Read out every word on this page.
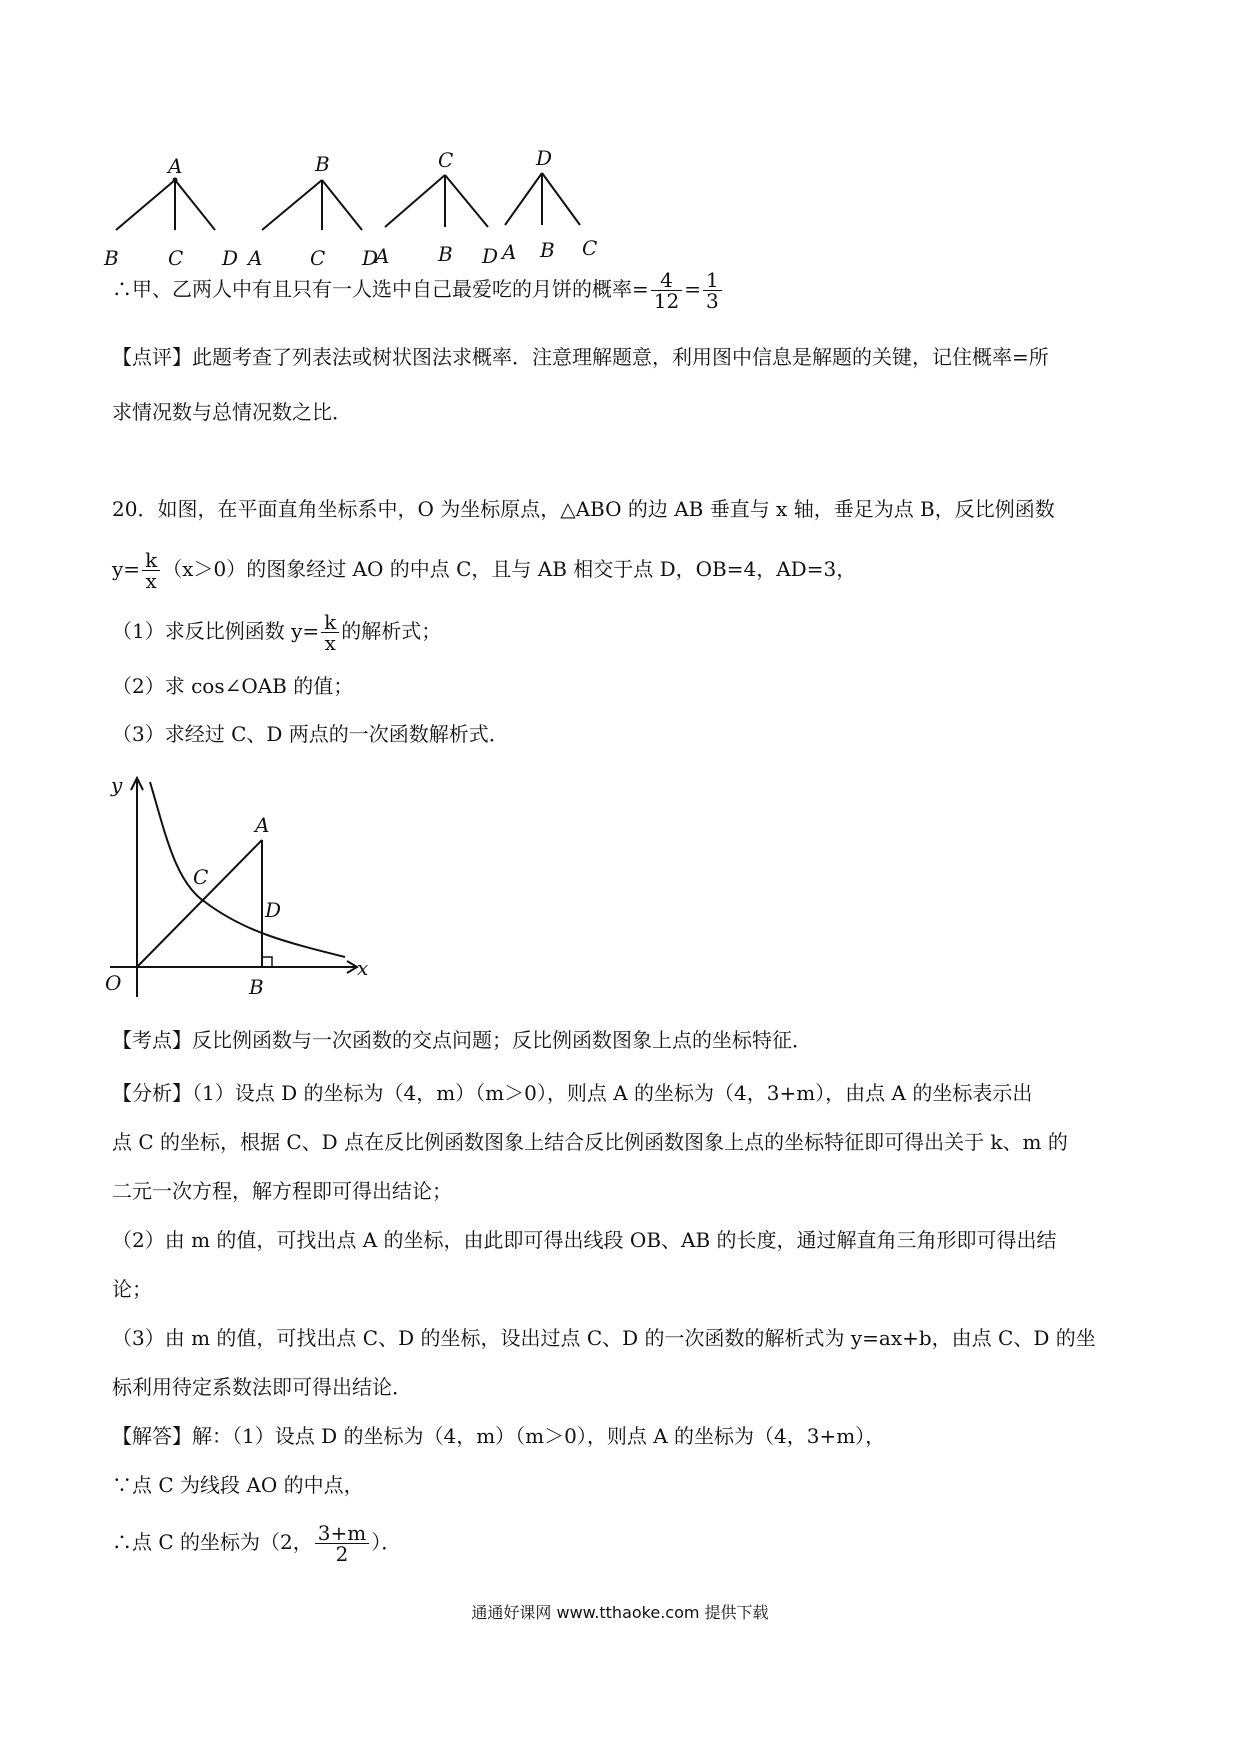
A
B C D
B
A C D
C
A B D
D
A B C
∴甲、乙两人中有且只有一人选中自己最爱吃的月饼的概率= $\frac{4}{12} = \frac{1}{3}$
【点评】此题考查了列表法或树状图法求概率．注意理解题意，利用图中信息是解题的关键，记住概率=所
求情况数与总情况数之比．
20．如图，在平面直角坐标系中，O 为坐标原点，△ABO 的边 AB 垂直与 x 轴，垂足为点 B，反比例函数
$y= \frac{k}{x} (x>0)$的图象经过 AO 的中点 C，且与 AB 相交于点 D，OB=4，AD=3，
（1）求反比例函数 $y= \frac{k}{x}$ 的解析式；
（2）求 cos∠OAB 的值；
（3）求经过 C、D 两点的一次函数解析式．
y
x
O
A
B
C
D
【考点】反比例函数与一次函数的交点问题；反比例函数图象上点的坐标特征．
【分析】（1）设点 D 的坐标为（4，m）（m＞0），则点 A 的坐标为（4，3+m），由点 A 的坐标表示出
点 C 的坐标，根据 C、D 点在反比例函数图象上结合反比例函数图象上点的坐标特征即可得出关于 k、m 的
二元一次方程，解方程即可得出结论；
（2）由 m 的值，可找出点 A 的坐标，由此即可得出线段 OB、AB 的长度，通过解直角三角形即可得出结
论；
（3）由 m 的值，可找出点 C、D 的坐标，设出过点 C、D 的一次函数的解析式为 y=ax+b，由点 C、D 的坐
标利用待定系数法即可得出结论．
【解答】解：（1）设点 D 的坐标为（4，m）（m＞0），则点 A 的坐标为（4，3+m），
∵点 C 为线段 AO 的中点，
∴点 C 的坐标为（2， $\frac{3+m}{2}$ ）．
通通好课网 www.tthaoke.com 提供下载
